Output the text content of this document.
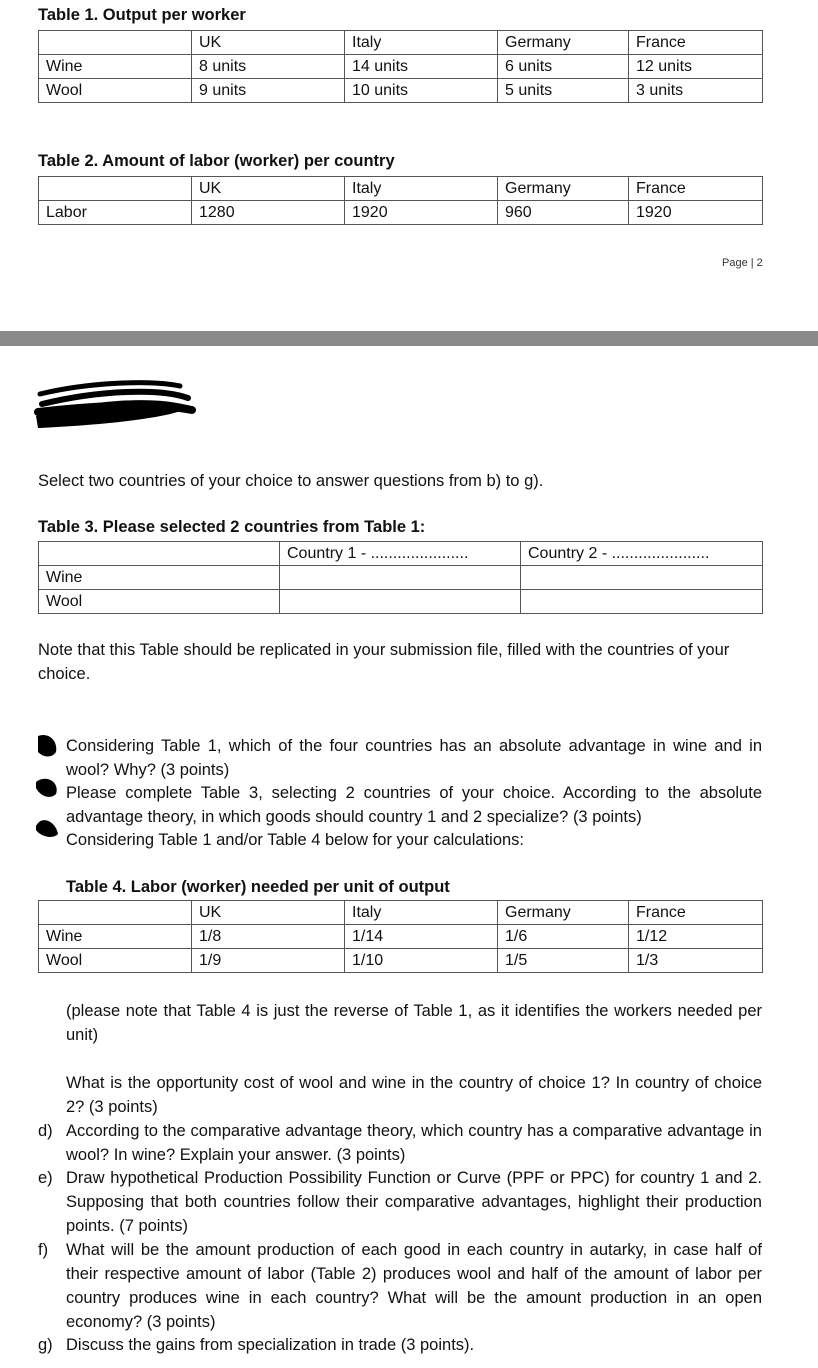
Table 1. Output per worker
	UK	Italy	Germany	France
Wine	8 units	14 units	6 units	12 units
Wool	9 units	10 units	5 units	3 units
Table 2. Amount of labor (worker) per country
	UK	Italy	Germany	France
Labor	1280	1920	960	1920
Page | 2
Select two countries of your choice to answer questions from b) to g).
Table 3. Please selected 2 countries from Table 1:
	Country 1 - ......................	Country 2 - ......................
Wine		
Wool		
Note that this Table should be replicated in your submission file, filled with the countries of your choice.
Considering Table 1, which of the four countries has an absolute advantage in wine and in wool? Why? (3 points)
Please complete Table 3, selecting 2 countries of your choice. According to the absolute advantage theory, in which goods should country 1 and 2 specialize? (3 points)
Considering Table 1 and/or Table 4 below for your calculations:
Table 4. Labor (worker) needed per unit of output
	UK	Italy	Germany	France
Wine	1/8	1/14	1/6	1/12
Wool	1/9	1/10	1/5	1/3
(please note that Table 4 is just the reverse of Table 1, as it identifies the workers needed per unit)
What is the opportunity cost of wool and wine in the country of choice 1? In country of choice 2? (3 points)
d) According to the comparative advantage theory, which country has a comparative advantage in wool? In wine? Explain your answer. (3 points)
e) Draw hypothetical Production Possibility Function or Curve (PPF or PPC) for country 1 and 2. Supposing that both countries follow their comparative advantages, highlight their production points. (7 points)
f) What will be the amount production of each good in each country in autarky, in case half of their respective amount of labor (Table 2) produces wool and half of the amount of labor per country produces wine in each country? What will be the amount production in an open economy? (3 points)
g) Discuss the gains from specialization in trade (3 points).
